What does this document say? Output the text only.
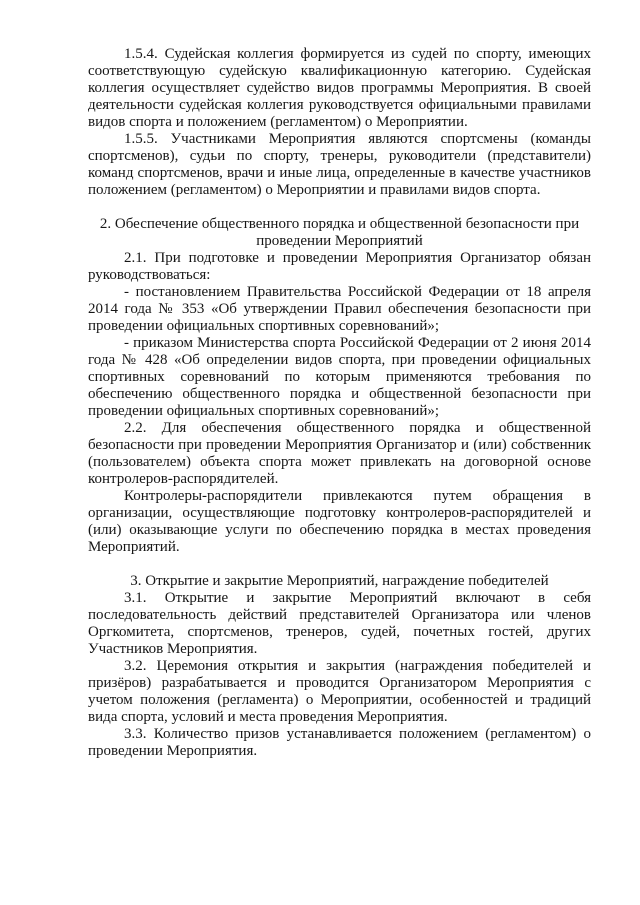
1.5.4. Судейская коллегия формируется из судей по спорту, имеющих соответствующую судейскую квалификационную категорию. Судейская коллегия осуществляет судейство видов программы Мероприятия. В своей деятельности судейская коллегия руководствуется официальными правилами видов спорта и положением (регламентом) о Мероприятии.

1.5.5. Участниками Мероприятия являются спортсмены (команды спортсменов), судьи по спорту, тренеры, руководители (представители) команд спортсменов, врачи и иные лица, определенные в качестве участников положением (регламентом) о Мероприятии и правилами видов спорта.

2. Обеспечение общественного порядка и общественной безопасности при проведении Мероприятий

2.1. При подготовке и проведении Мероприятия Организатор обязан руководствоваться:

- постановлением Правительства Российской Федерации от 18 апреля 2014 года № 353 «Об утверждении Правил обеспечения безопасности при проведении официальных спортивных соревнований»;

- приказом Министерства спорта Российской Федерации от 2 июня 2014 года № 428 «Об определении видов спорта, при проведении официальных спортивных соревнований по которым применяются требования по обеспечению общественного порядка и общественной безопасности при проведении официальных спортивных соревнований»;

2.2. Для обеспечения общественного порядка и общественной безопасности при проведении Мероприятия Организатор и (или) собственник (пользователем) объекта спорта может привлекать на договорной основе контролеров-распорядителей.

Контролеры-распорядители привлекаются путем обращения в организации, осуществляющие подготовку контролеров-распорядителей и (или) оказывающие услуги по обеспечению порядка в местах проведения Мероприятий.

3. Открытие и закрытие Мероприятий, награждение победителей

3.1. Открытие и закрытие Мероприятий включают в себя последовательность действий представителей Организатора или членов Оргкомитета, спортсменов, тренеров, судей, почетных гостей, других Участников Мероприятия.

3.2. Церемония открытия и закрытия (награждения победителей и призёров) разрабатывается и проводится Организатором Мероприятия с учетом положения (регламента) о Мероприятии, особенностей и традиций вида спорта, условий и места проведения Мероприятия.

3.3. Количество призов устанавливается положением (регламентом) о проведении Мероприятия.
